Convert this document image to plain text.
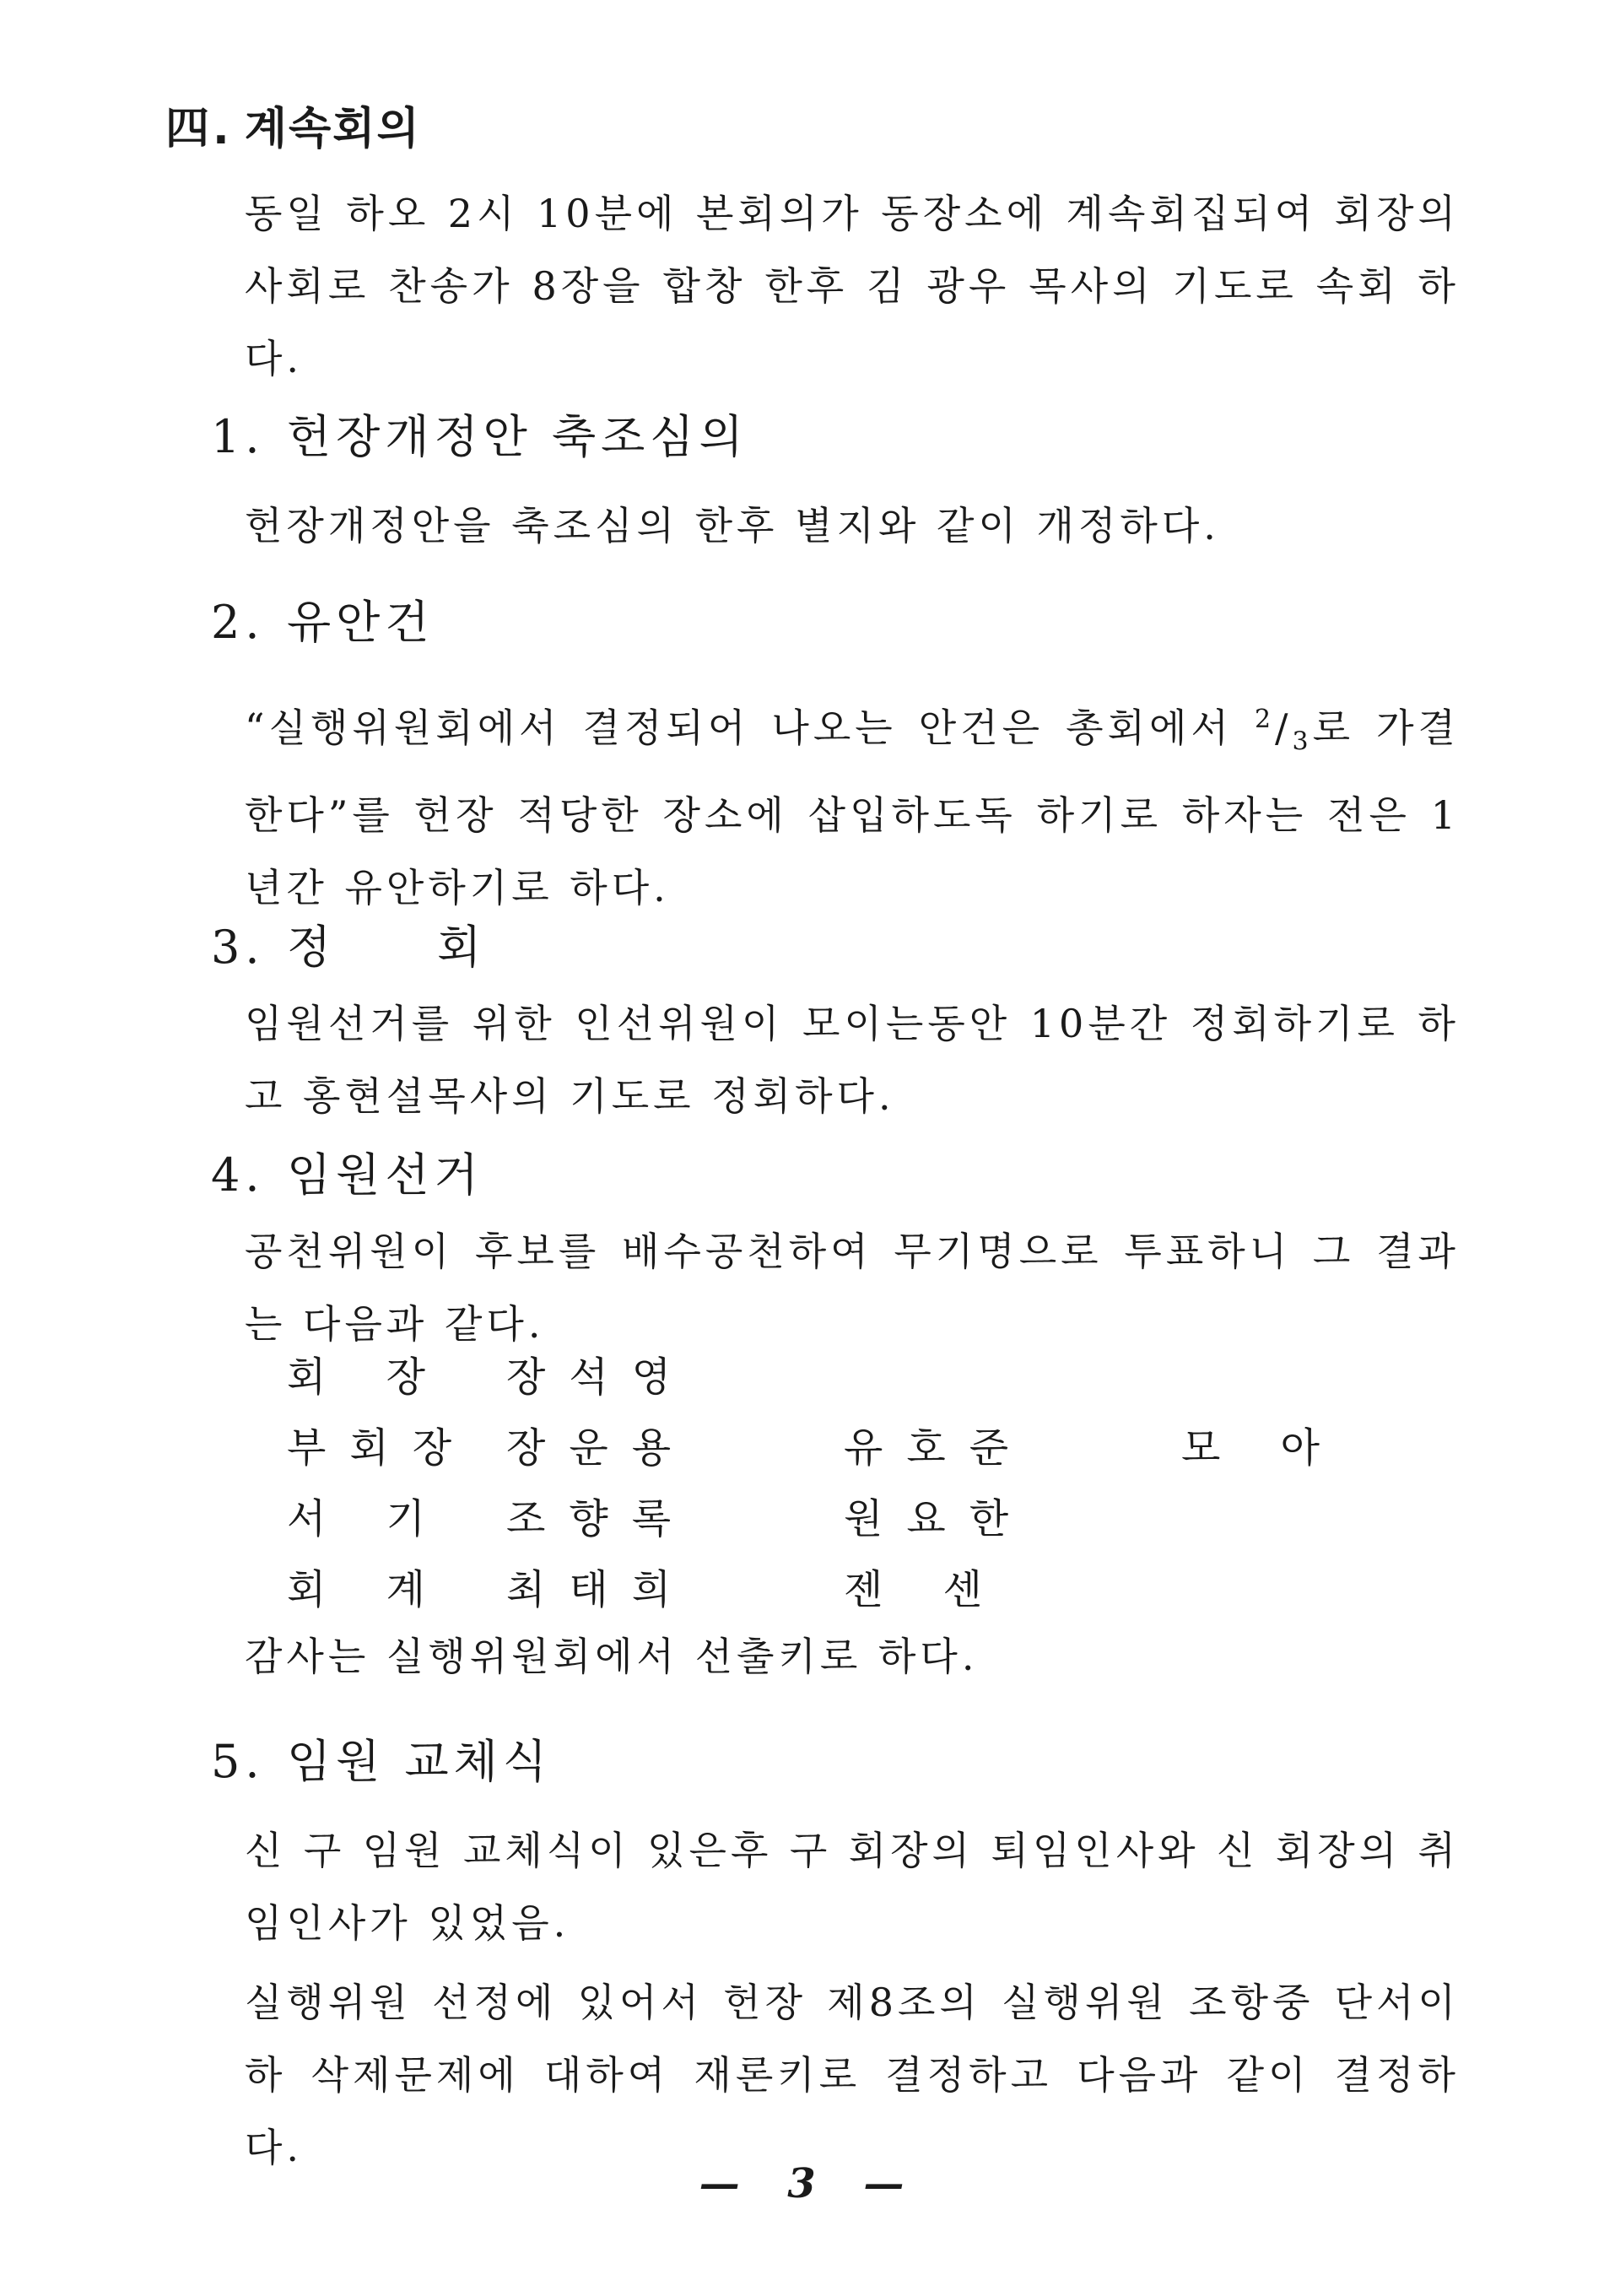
四. 계속회의

동일 하오 2시 10분에 본회의가 동장소에 계속회집되여 회장의 사회로 찬송가 8장을 합창 한후 김 광우 목사의 기도로 속회 하다.

1. 헌장개정안 축조심의

헌장개정안을 축조심의 한후 별지와 같이 개정하다.

2. 유안건

“실행위원회에서 결정되어 나오는 안건은 총회에서 $^2/_3$로 가결한다”를 헌장 적당한 장소에 삽입하도독 하기로 하자는 전은 1년간 유안하기로 하다.

3. 정　　회

임원선거를 위한 인선위원이 모이는동안 10분간 정회하기로 하고 홍현설목사의 기도로 정회하다.

4. 임원선거

공천위원이 후보를 배수공천하여 무기명으로 투표하니 그 결과는 다음과 같다.

회 장	장석영
부회장 장운용	유호준	모 아
서 기	조향록	원요한
회 계	최태희	젠 센

감사는 실행위원회에서 선출키로 하다.

5. 임원 교체식

신 구 임원 교체식이 있은후 구 회장의 퇴임인사와 신 회장의 취임인사가 있었음.

실행위원 선정에 있어서 헌장 제8조의 실행위원 조항중 단서이하 삭제문제에 대하여 재론키로 결정하고 다음과 같이 결정하다.

— 3 —
